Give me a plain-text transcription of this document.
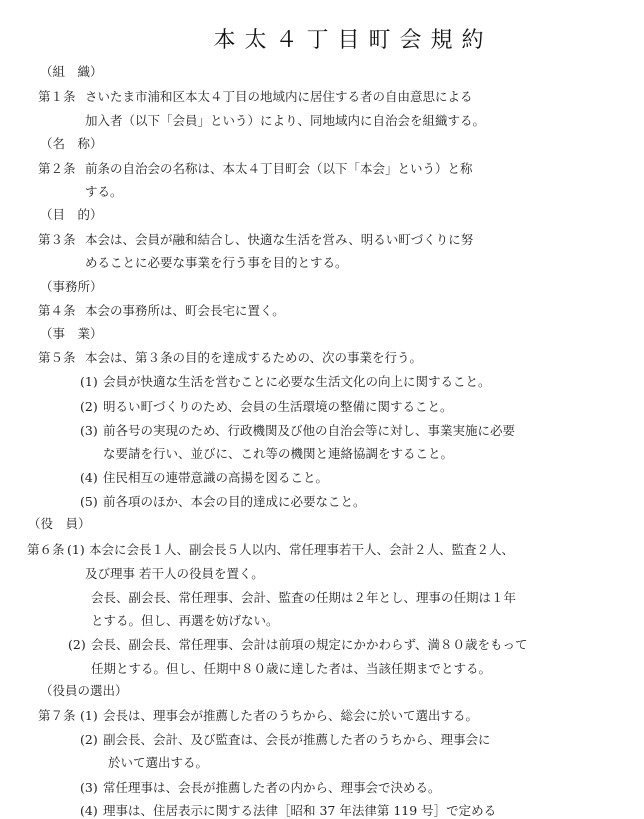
本太４丁目町会規約
（組　織）
第１条 さいたま市浦和区本太４丁目の地域内に居住する者の自由意思による
加入者（以下「会員」という）により、同地域内に自治会を組織する。
（名　称）
第２条 前条の自治会の名称は、本太４丁目町会（以下「本会」という）と称
する。
（目　的）
第３条 本会は、会員が融和結合し、快適な生活を営み、明るい町づくりに努
めることに必要な事業を行う事を目的とする。
（事務所）
第４条 本会の事務所は、町会長宅に置く。
（事　業）
第５条 本会は、第３条の目的を達成するための、次の事業を行う。
(1) 会員が快適な生活を営むことに必要な生活文化の向上に関すること。
(2) 明るい町づくりのため、会員の生活環境の整備に関すること。
(3) 前各号の実現のため、行政機関及び他の自治会等に対し、事業実施に必要
な要請を行い、並びに、これ等の機関と連絡協調をすること。
(4) 住民相互の連帯意識の高揚を図ること。
(5) 前各項のほか、本会の目的達成に必要なこと。
（役　員）
第６条 (1) 本会に会長１人、副会長５人以内、常任理事若干人、会計２人、監査２人、
及び理事 若干人の役員を置く。
会長、副会長、常任理事、会計、監査の任期は２年とし、理事の任期は１年
とする。但し、再選を妨げない。
(2) 会長、副会長、常任理事、会計は前項の規定にかかわらず、満８０歳をもって
任期とする。但し、任期中８０歳に達した者は、当該任期までとする。
（役員の選出）
第７条 (1) 会長は、理事会が推薦した者のうちから、総会に於いて選出する。
(2) 副会長、会計、及び監査は、会長が推薦した者のうちから、理事会に
於いて選出する。
(3) 常任理事は、会長が推薦した者の内から、理事会で決める。
(4) 理事は、住居表示に関する法律［昭和 37 年法律第 119 号］で定める
